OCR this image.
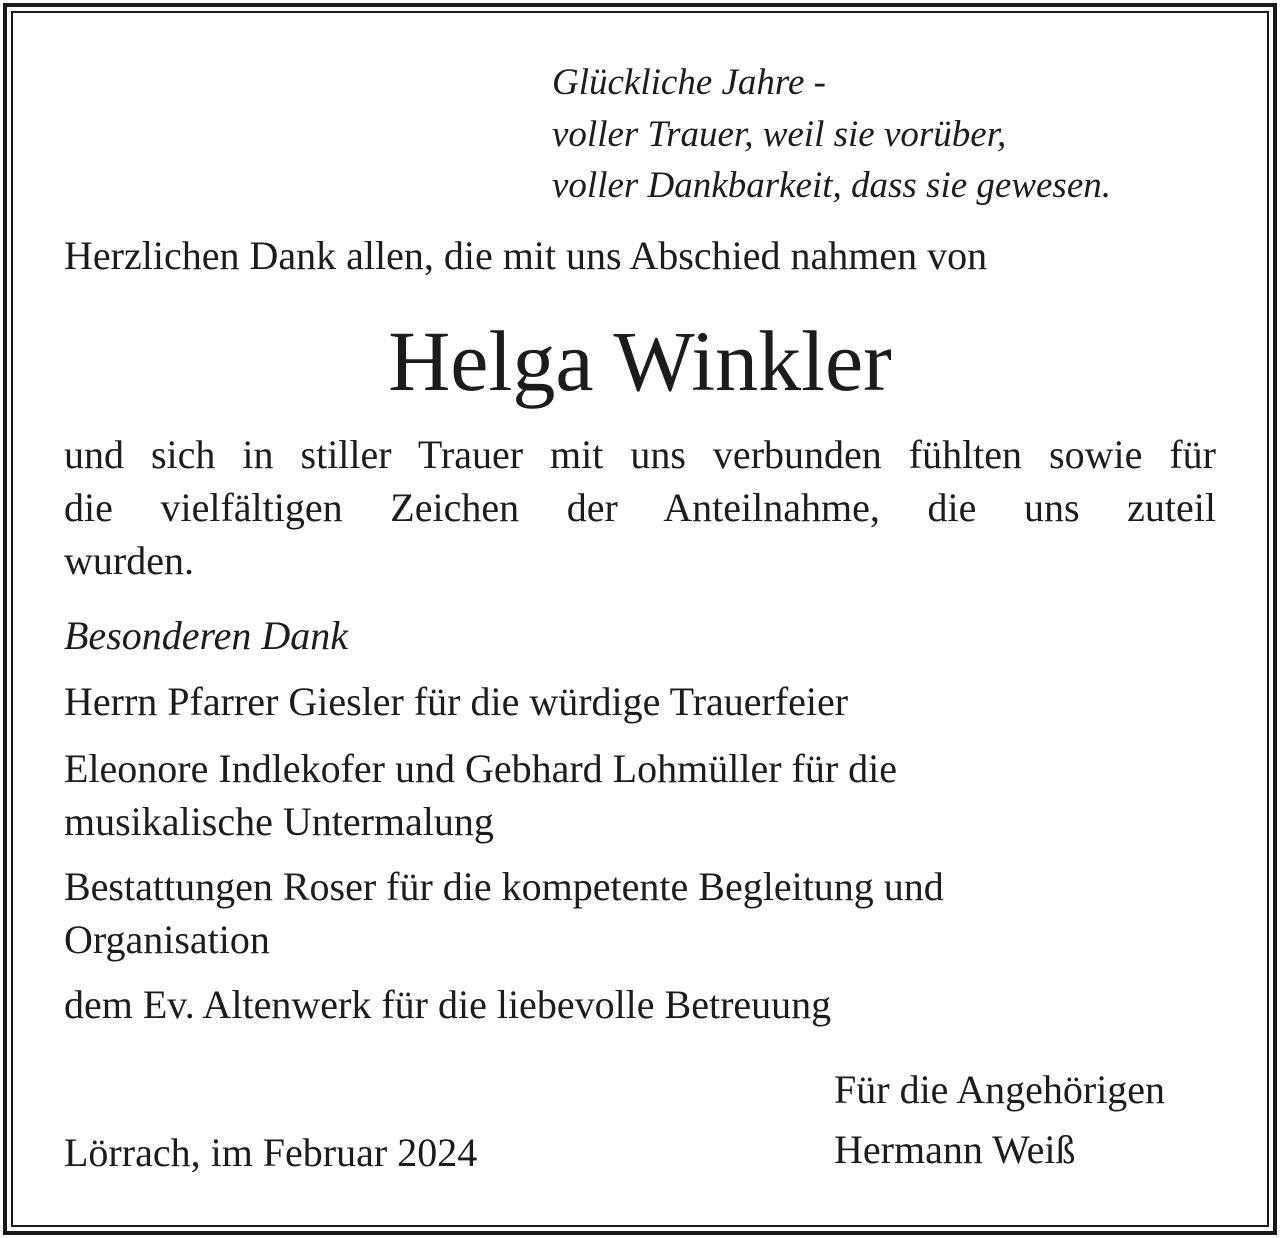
Glückliche Jahre -
voller Trauer, weil sie vorüber,
voller Dankbarkeit, dass sie gewesen.
Herzlichen Dank allen, die mit uns Abschied nahmen von
Helga Winkler
und sich in stiller Trauer mit uns verbunden fühlten sowie für
die vielfältigen Zeichen der Anteilnahme, die uns zuteil
wurden.
Besonderen Dank
Herrn Pfarrer Giesler für die würdige Trauerfeier
Eleonore Indlekofer und Gebhard Lohmüller für die
musikalische Untermalung
Bestattungen Roser für die kompetente Begleitung und
Organisation
dem Ev. Altenwerk für die liebevolle Betreuung
Für die Angehörigen
Lörrach, im Februar 2024	Hermann Weiß
